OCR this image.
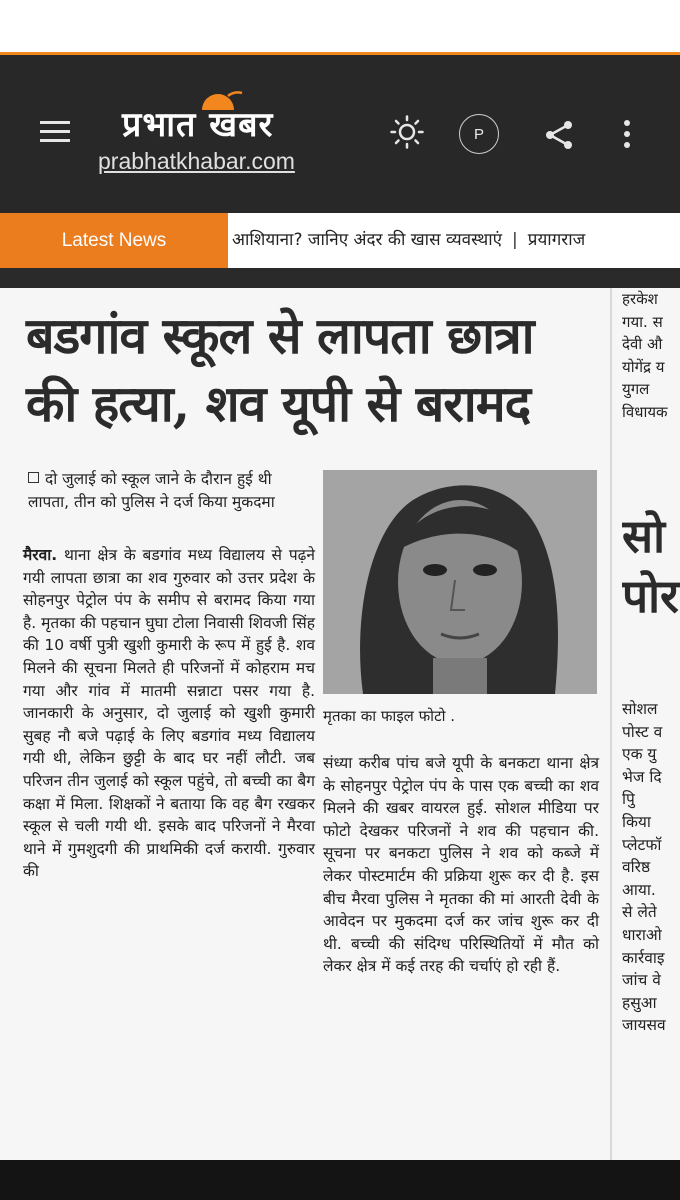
प्रभात खबर
prabhatkhabar.com
P
Latest News	आशियाना? जानिए अंदर की खास व्यवस्थाएं | प्रयागराज
बडगांव स्कूल से लापता छात्रा
की हत्या, शव यूपी से बरामद
दो जुलाई को स्कूल जाने के दौरान हुई थी लापता, तीन को पुलिस ने दर्ज किया मुकदमा
मैरवा. थाना क्षेत्र के बडगांव मध्य विद्यालय से पढ़ने गयी लापता छात्रा का शव गुरुवार को उत्तर प्रदेश के सोहनपुर पेट्रोल पंप के समीप से बरामद किया गया है. मृतका की पहचान घुघा टोला निवासी शिवजी सिंह की 10 वर्षी पुत्री खुशी कुमारी के रूप में हुई है. शव मिलने की सूचना मिलते ही परिजनों में कोहराम मच गया और गांव में मातमी सन्नाटा पसर गया है. जानकारी के अनुसार, दो जुलाई को खुशी कुमारी सुबह नौ बजे पढ़ाई के लिए बडगांव मध्य विद्यालय गयी थी, लेकिन छुट्टी के बाद घर नहीं लौटी. जब परिजन तीन जुलाई को स्कूल पहुंचे, तो बच्ची का बैग कक्षा में मिला. शिक्षकों ने बताया कि वह बैग रखकर स्कूल से चली गयी थी. इसके बाद परिजनों ने मैरवा थाने में गुमशुदगी की प्राथमिकी दर्ज करायी. गुरुवार की
मृतका का फाइल फोटो .
संध्या करीब पांच बजे यूपी के बनकटा थाना क्षेत्र के सोहनपुर पेट्रोल पंप के पास एक बच्ची का शव मिलने की खबर वायरल हुई. सोशल मीडिया पर फोटो देखकर परिजनों ने शव की पहचान की. सूचना पर बनकटा पुलिस ने शव को कब्जे में लेकर पोस्टमार्टम की प्रक्रिया शुरू कर दी है. इस बीच मैरवा पुलिस ने मृतका की मां आरती देवी के आवेदन पर मुकदमा दर्ज कर जांच शुरू कर दी थी. बच्ची की संदिग्ध परिस्थितियों में मौत को लेकर क्षेत्र में कई तरह की चर्चाएं हो रही हैं.
हरकेश
गया. स
देवी औ
योगेंद्र य
युगल
विधायक
सो
पोर
सोशल
पोस्ट व
एक यु
भेज दि
पुि
किया
प्लेटफॉ
वरिष्ठ
आया.
से लेते
धाराओ
कार्रवाइ
जांच वे
हसुआ
जायसव
